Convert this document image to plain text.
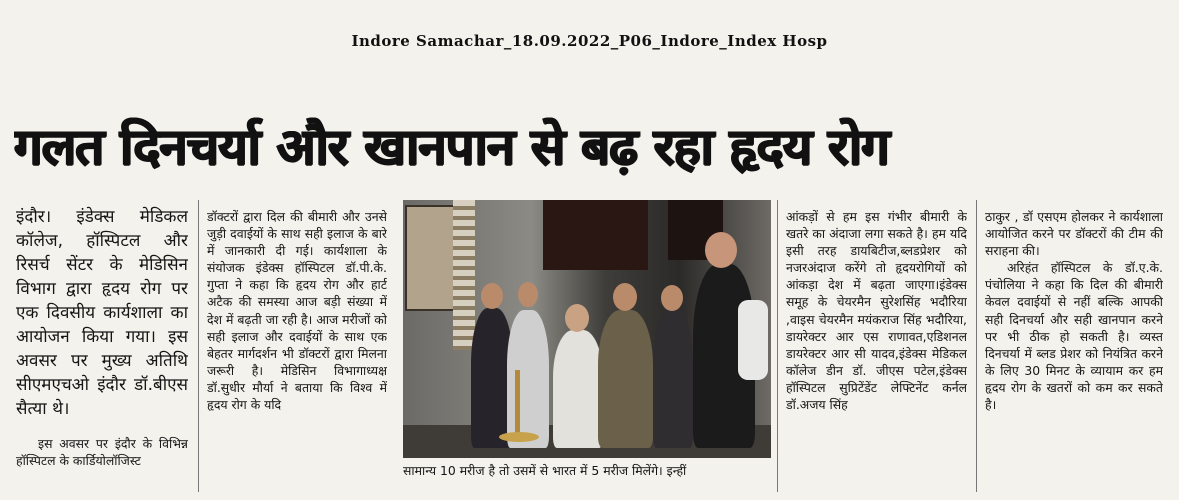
Indore Samachar_18.09.2022_P06_Indore_Index Hosp
गलत दिनचर्या और खानपान से बढ़ रहा हृदय रोग

इंदौर। इंडेक्स मेडिकल कॉलेज, हॉस्पिटल और रिसर्च सेंटर के मेडिसिन विभाग द्वारा हृदय रोग पर एक दिवसीय कार्यशाला का आयोजन किया गया। इस अवसर पर मुख्य अतिथि सीएमएचओ इंदौर डॉ.बीएस सैत्या थे।

इस अवसर पर इंदौर के विभिन्न हॉस्पिटल के कार्डियोलॉजिस्ट

डॉक्टरों द्वारा दिल की बीमारी और उनसे जुड़ी दवाईयों के साथ सही इलाज के बारे में जानकारी दी गई। कार्यशाला के संयोजक इंडेक्स हॉस्पिटल डॉ.पी.के. गुप्ता ने कहा कि हृदय रोग और हार्ट अटैक की समस्या आज बड़ी संख्या में देश में बढ़ती जा रही है। आज मरीजों को सही इलाज और दवाईयों के साथ एक बेहतर मार्गदर्शन भी डॉक्टरों द्वारा मिलना जरूरी है। मेडिसिन विभागाध्यक्ष डॉ.सुधीर मौर्या ने बताया कि विश्व में हृदय रोग के यदि

सामान्य 10 मरीज है तो उसमें से भारत में 5 मरीज मिलेंगे। इन्हीं

आंकड़ों से हम इस गंभीर बीमारी के खतरे का अंदाजा लगा सकते है। हम यदि इसी तरह डायबिटीज,ब्लडप्रेशर को नजरअंदाज करेंगे तो हृदयरोगियों को आंकड़ा देश में बढ़ता जाएगा।इंडेक्स समूह के चेयरमैन सुरेशसिंह भदौरिया ,वाइस चेयरमैन मयंकराज सिंह भदौरिया, डायरेक्टर आर एस राणावत,एडिशनल डायरेक्टर आर सी यादव,इंडेक्स मेडिकल कॉलेज डीन डॉ. जीएस पटेल,इंडेक्स हॉस्पिटल सुप्रिटेंडेंट लेफ्टिनेंट कर्नल डॉ.अजय सिंह

ठाकुर , डॉ एसएम होलकर ने कार्यशाला आयोजित करने पर डॉक्टरों की टीम की सराहना की।

अरिहंत हॉस्पिटल के डॉ.ए.के. पंचोलिया ने कहा कि दिल की बीमारी केवल दवाईयों से नहीं बल्कि आपकी सही दिनचर्या और सही खानपान करने पर भी ठीक हो सकती है। व्यस्त दिनचर्या में ब्लड प्रेशर को नियंत्रित करने के लिए 30 मिनट के व्यायाम कर हम हृदय रोग के खतरों को कम कर सकते है।
